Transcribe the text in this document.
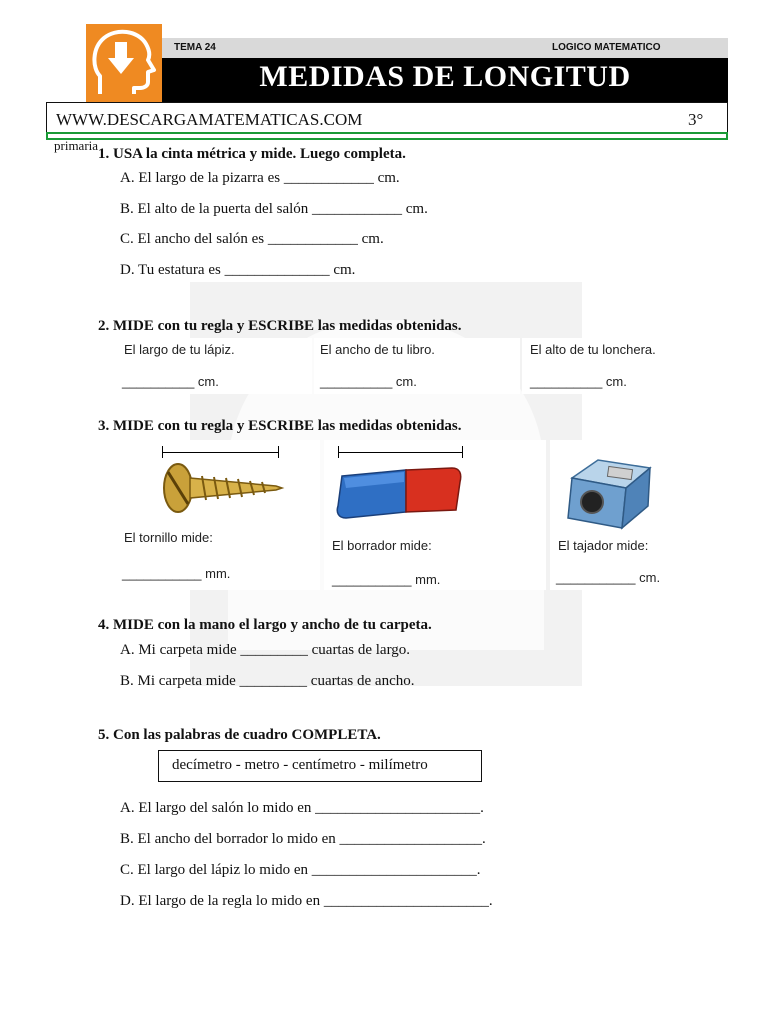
TEMA 24	LOGICO MATEMATICO
MEDIDAS DE LONGITUD
WWW.DESCARGAMATEMATICAS.COM	3°
primaria
1. USA la cinta métrica y mide. Luego completa.
A. El largo de la pizarra es ____________ cm.
B. El alto de la puerta del salón ____________ cm.
C. El ancho del salón es ____________ cm.
D. Tu estatura es ______________ cm.
2. MIDE con tu regla y ESCRIBE las medidas obtenidas.
El largo de tu lápiz.
__________ cm.
El ancho de tu libro.
__________ cm.
El alto de tu lonchera.
__________ cm.
3. MIDE con tu regla y ESCRIBE las medidas obtenidas.
El tornillo mide:
___________ mm.
El borrador mide:
___________ mm.
El tajador mide:
___________ cm.
4. MIDE con la mano el largo y ancho de tu carpeta.
A. Mi carpeta mide _________ cuartas de largo.
B. Mi carpeta mide _________ cuartas de ancho.
5. Con las palabras de cuadro COMPLETA.
decímetro - metro - centímetro - milímetro
A. El largo del salón lo mido en ______________________.
B. El ancho del borrador lo mido en ___________________.
C. El largo del lápiz lo mido en ______________________.
D. El largo de la regla lo mido en ______________________.
